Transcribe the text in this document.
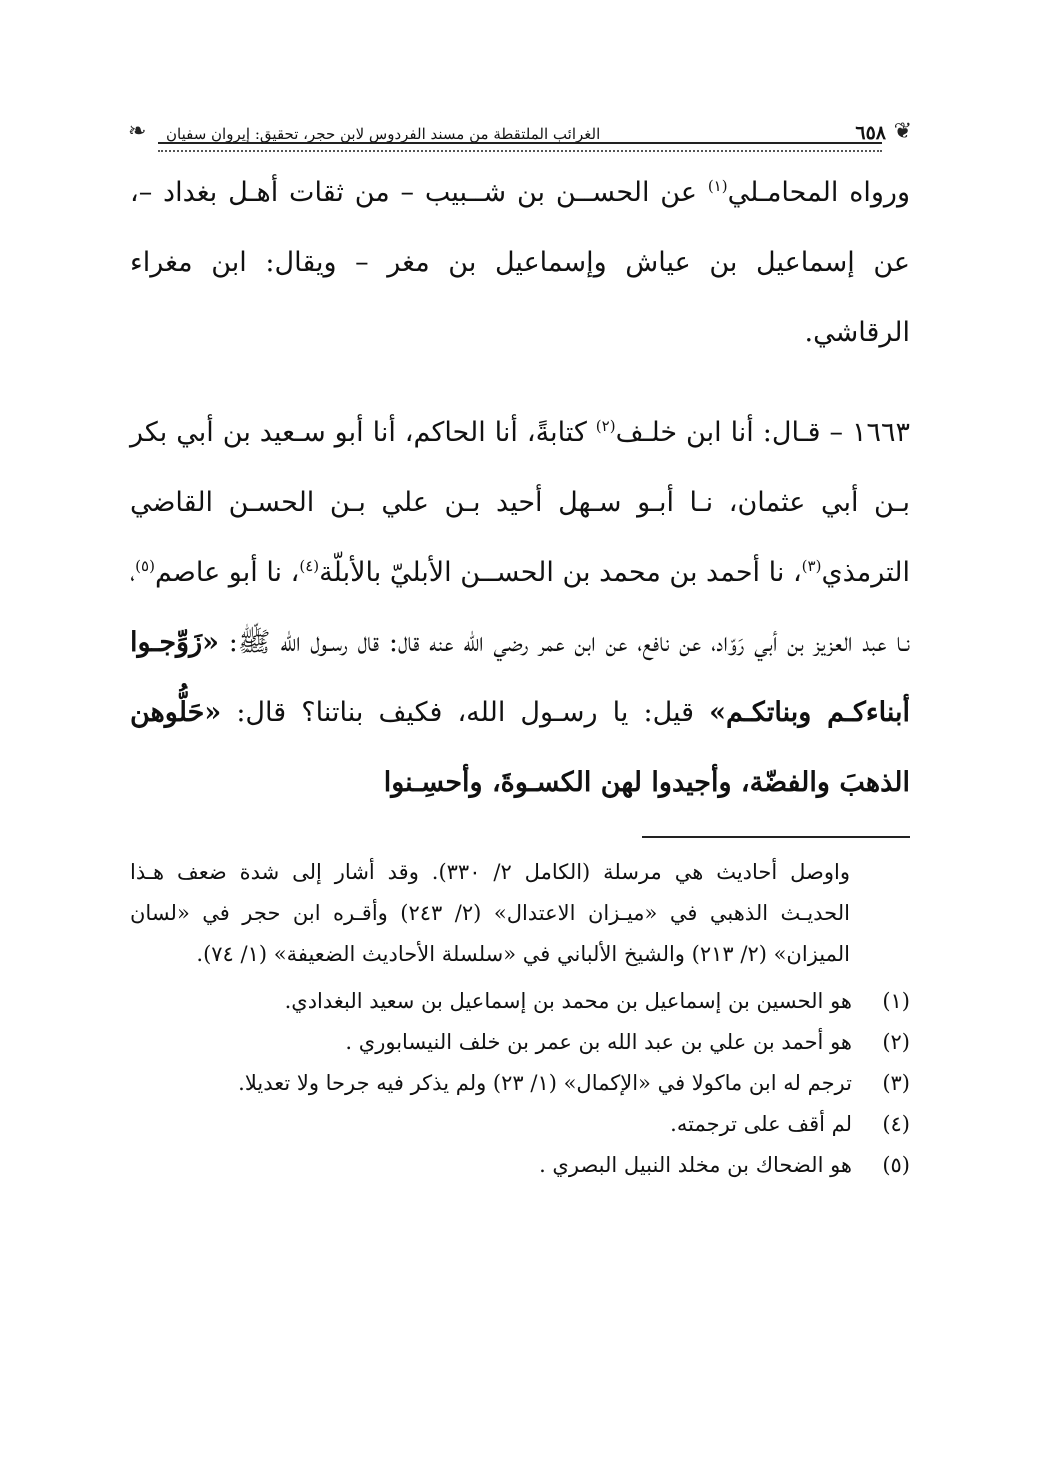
❦
٦٥٨
الغرائب الملتقطة من مسند الفردوس لابن حجر، تحقيق: إيروان سفيان
❧

ورواه المحامـلي$^{(١)}$ عن الحســن بن شــبيب – من ثقات أهـل بغداد –، عن إسماعيل بن عياش وإسماعيل بن مغر – ويقال: ابن مغراء الرقاشي.

١٦٦٣ – قـال: أنا ابن خلـف$^{(٢)}$ كتابةً، أنا الحاكم، أنا أبو سـعيد بن أبي بكر بـن أبي عثمان، نـا أبـو سـهل أحيد بـن علي بـن الحسـن القاضي الترمذي$^{(٣)}$، نا أحمد بن محمد بن الحســن الأبليّ بالأبلّة$^{(٤)}$، نا أبو عاصم$^{(٥)}$، نـا عبد العزيز بن أبي رَوّاد، عن نافع، عن ابن عمر رضي الله عنه قال: قال رسـول الله ﷺ: «زَوِّجـوا أبناءكـم وبناتكـم» قيل: يا رسـول الله، فكيف بناتنا؟ قال: «حَلُّوهن الذهبَ والفضّة، وأجيدوا لهن الكسـوةَ، وأحسِـنوا

واوصل أحاديث هي مرسلة (الكامل ٢/ ٣٣٠). وقد أشار إلى شدة ضعف هـذا الحديـث الذهبي في «ميـزان الاعتدال» (٢/ ٢٤٣) وأقـره ابن حجر في «لسان الميزان» (٢/ ٢١٣) والشيخ الألباني في «سلسلة الأحاديث الضعيفة» (١/ ٧٤).

(١)
هو الحسين بن إسماعيل بن محمد بن إسماعيل بن سعيد البغدادي.
(٢)
هو أحمد بن علي بن عبد الله بن عمر بن خلف النيسابوري .
(٣)
ترجم له ابن ماكولا في «الإكمال» (١/ ٢٣) ولم يذكر فيه جرحا ولا تعديلا.
(٤)
لم أقف على ترجمته.
(٥)
هو الضحاك بن مخلد النبيل البصري .
